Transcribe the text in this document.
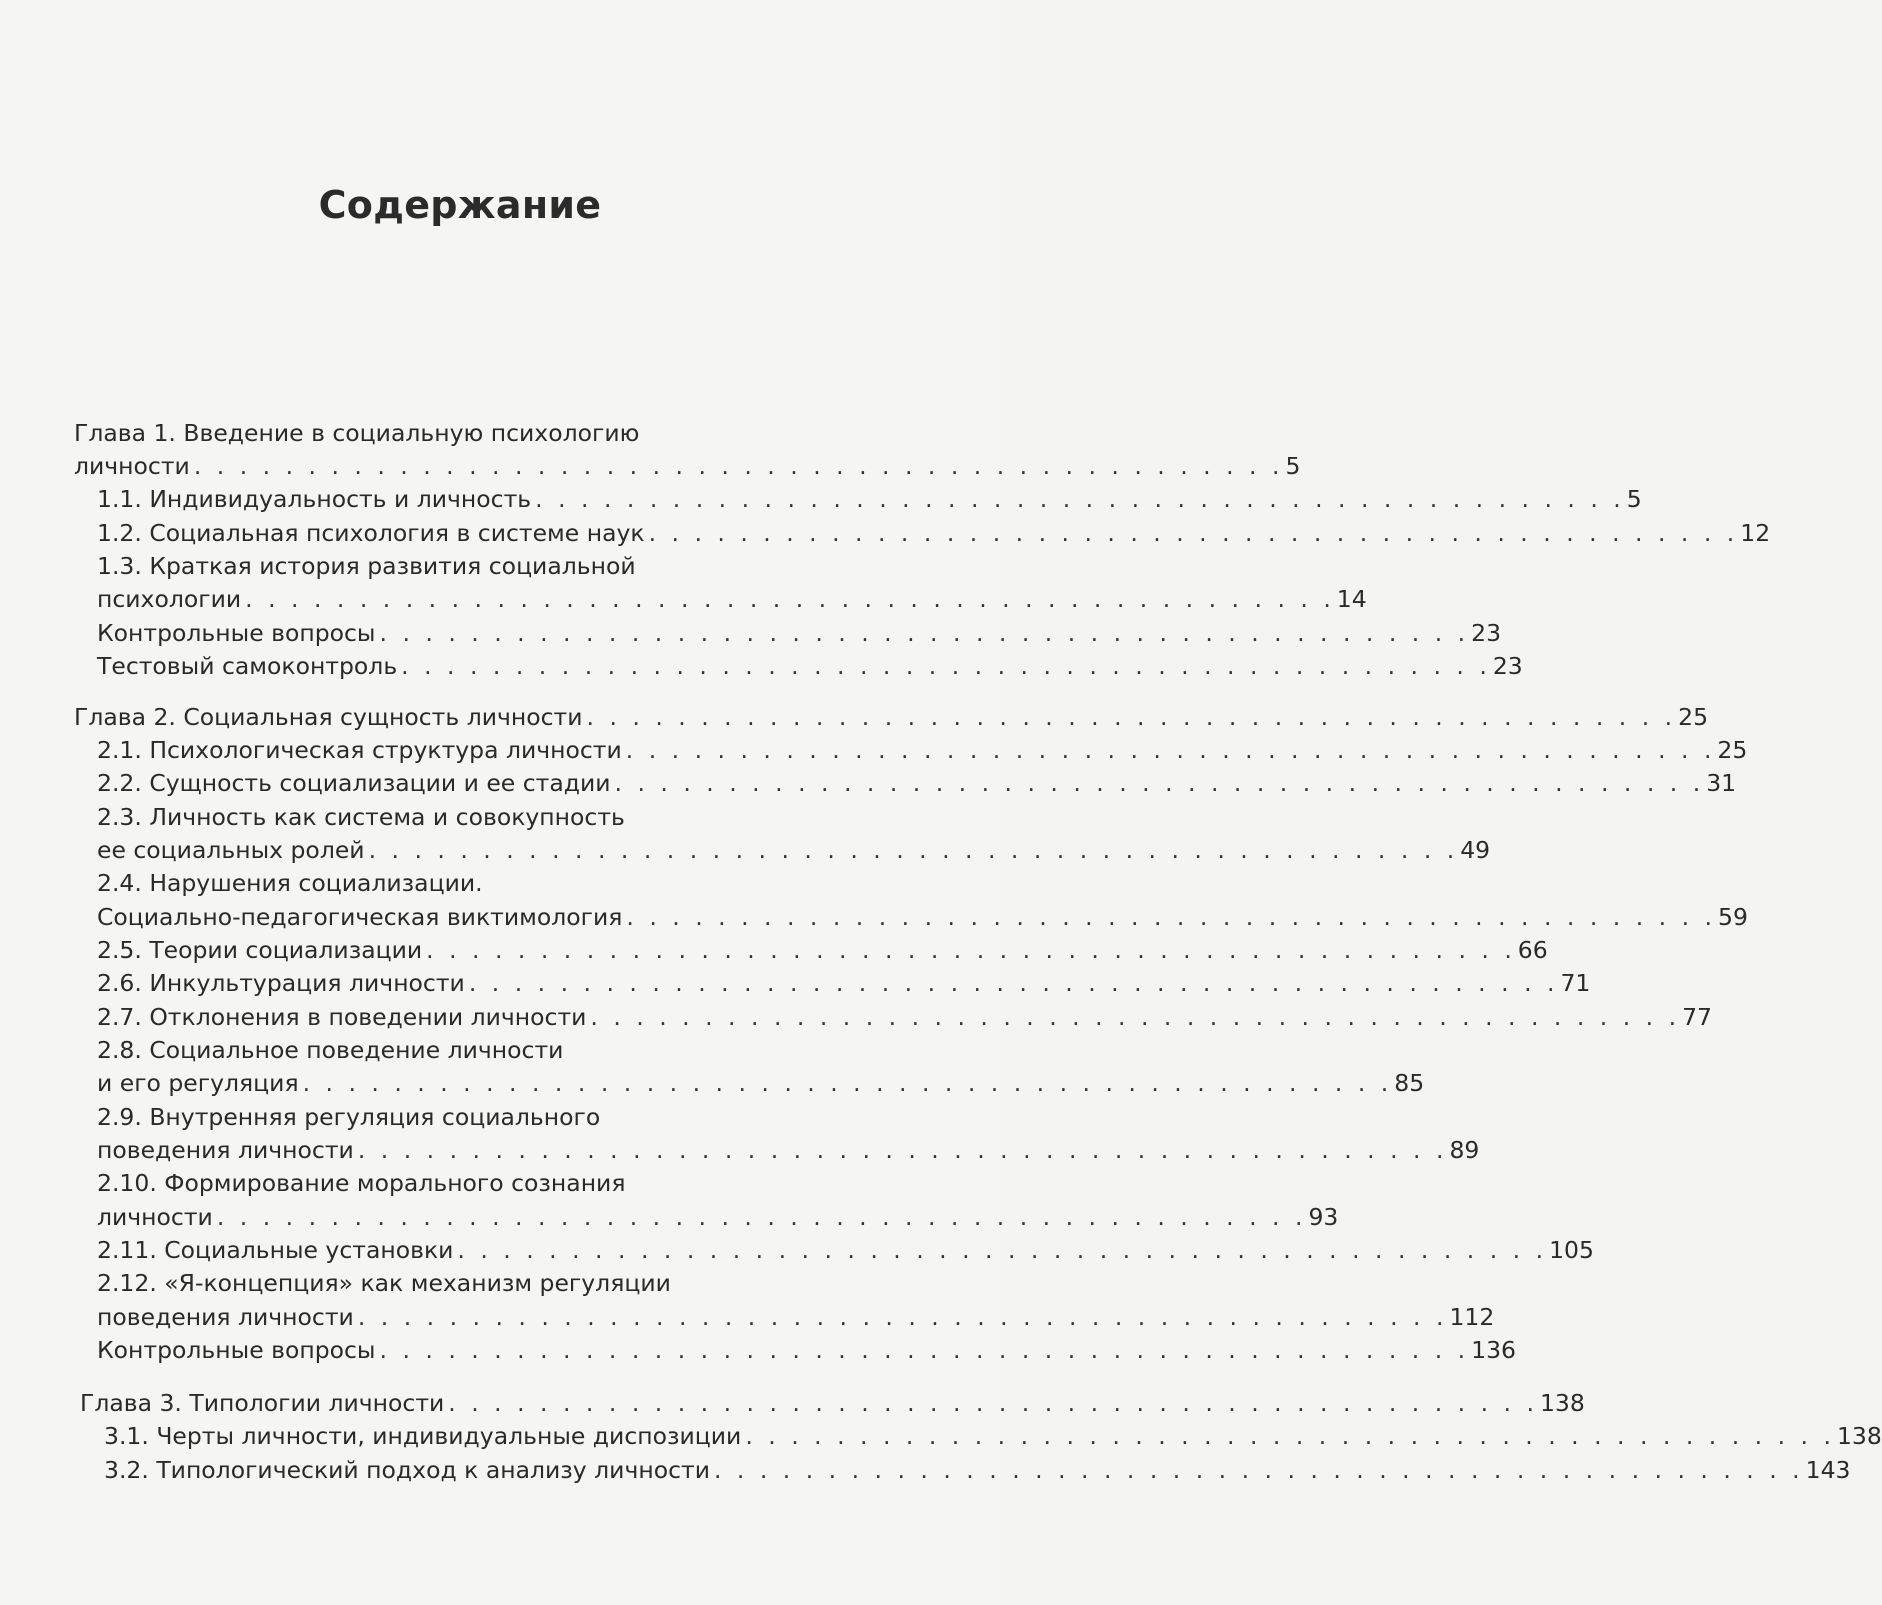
Содержание
Глава 1. Введение в социальную психологию
личности . . . . . . . . . . . . . . . . . . . . . . . . . . . . . . . . . . . . . . . . . . . . . . . . 5
1.1. Индивидуальность и личность . . . . . . . . . . . . . . . . . . . . . . . . . . . . . . . . . . . . . . . . . . . . . . . . 5
1.2. Социальная психология в системе наук . . . . . . . . . . . . . . . . . . . . . . . . . . . . . . . . . . . . . . . . . . . . . . . . 12
1.3. Краткая история развития социальной
психологии . . . . . . . . . . . . . . . . . . . . . . . . . . . . . . . . . . . . . . . . . . . . . . . . 14
Контрольные вопросы . . . . . . . . . . . . . . . . . . . . . . . . . . . . . . . . . . . . . . . . . . . . . . . . 23
Тестовый самоконтроль . . . . . . . . . . . . . . . . . . . . . . . . . . . . . . . . . . . . . . . . . . . . . . . . 23
Глава 2. Социальная сущность личности . . . . . . . . . . . . . . . . . . . . . . . . . . . . . . . . . . . . . . . . . . . . . . . . 25
2.1. Психологическая структура личности . . . . . . . . . . . . . . . . . . . . . . . . . . . . . . . . . . . . . . . . . . . . . . . . 25
2.2. Сущность социализации и ее стадии . . . . . . . . . . . . . . . . . . . . . . . . . . . . . . . . . . . . . . . . . . . . . . . . 31
2.3. Личность как система и совокупность
ее социальных ролей . . . . . . . . . . . . . . . . . . . . . . . . . . . . . . . . . . . . . . . . . . . . . . . . 49
2.4. Нарушения социализации.
Социально-педагогическая виктимология . . . . . . . . . . . . . . . . . . . . . . . . . . . . . . . . . . . . . . . . . . . . . . . . 59
2.5. Теории социализации . . . . . . . . . . . . . . . . . . . . . . . . . . . . . . . . . . . . . . . . . . . . . . . . 66
2.6. Инкультурация личности . . . . . . . . . . . . . . . . . . . . . . . . . . . . . . . . . . . . . . . . . . . . . . . . 71
2.7. Отклонения в поведении личности . . . . . . . . . . . . . . . . . . . . . . . . . . . . . . . . . . . . . . . . . . . . . . . . 77
2.8. Социальное поведение личности
и его регуляция . . . . . . . . . . . . . . . . . . . . . . . . . . . . . . . . . . . . . . . . . . . . . . . . 85
2.9. Внутренняя регуляция социального
поведения личности . . . . . . . . . . . . . . . . . . . . . . . . . . . . . . . . . . . . . . . . . . . . . . . . 89
2.10. Формирование морального сознания
личности . . . . . . . . . . . . . . . . . . . . . . . . . . . . . . . . . . . . . . . . . . . . . . . . 93
2.11. Социальные установки . . . . . . . . . . . . . . . . . . . . . . . . . . . . . . . . . . . . . . . . . . . . . . . . 105
2.12. «Я-концепция» как механизм регуляции
поведения личности . . . . . . . . . . . . . . . . . . . . . . . . . . . . . . . . . . . . . . . . . . . . . . . . 112
Контрольные вопросы . . . . . . . . . . . . . . . . . . . . . . . . . . . . . . . . . . . . . . . . . . . . . . . . 136
Глава 3. Типологии личности . . . . . . . . . . . . . . . . . . . . . . . . . . . . . . . . . . . . . . . . . . . . . . . . 138
3.1. Черты личности, индивидуальные диспозиции . . . . . . . . . . . . . . . . . . . . . . . . . . . . . . . . . . . . . . . . . . . . . . . . 138
3.2. Типологический подход к анализу личности . . . . . . . . . . . . . . . . . . . . . . . . . . . . . . . . . . . . . . . . . . . . . . . . 143
